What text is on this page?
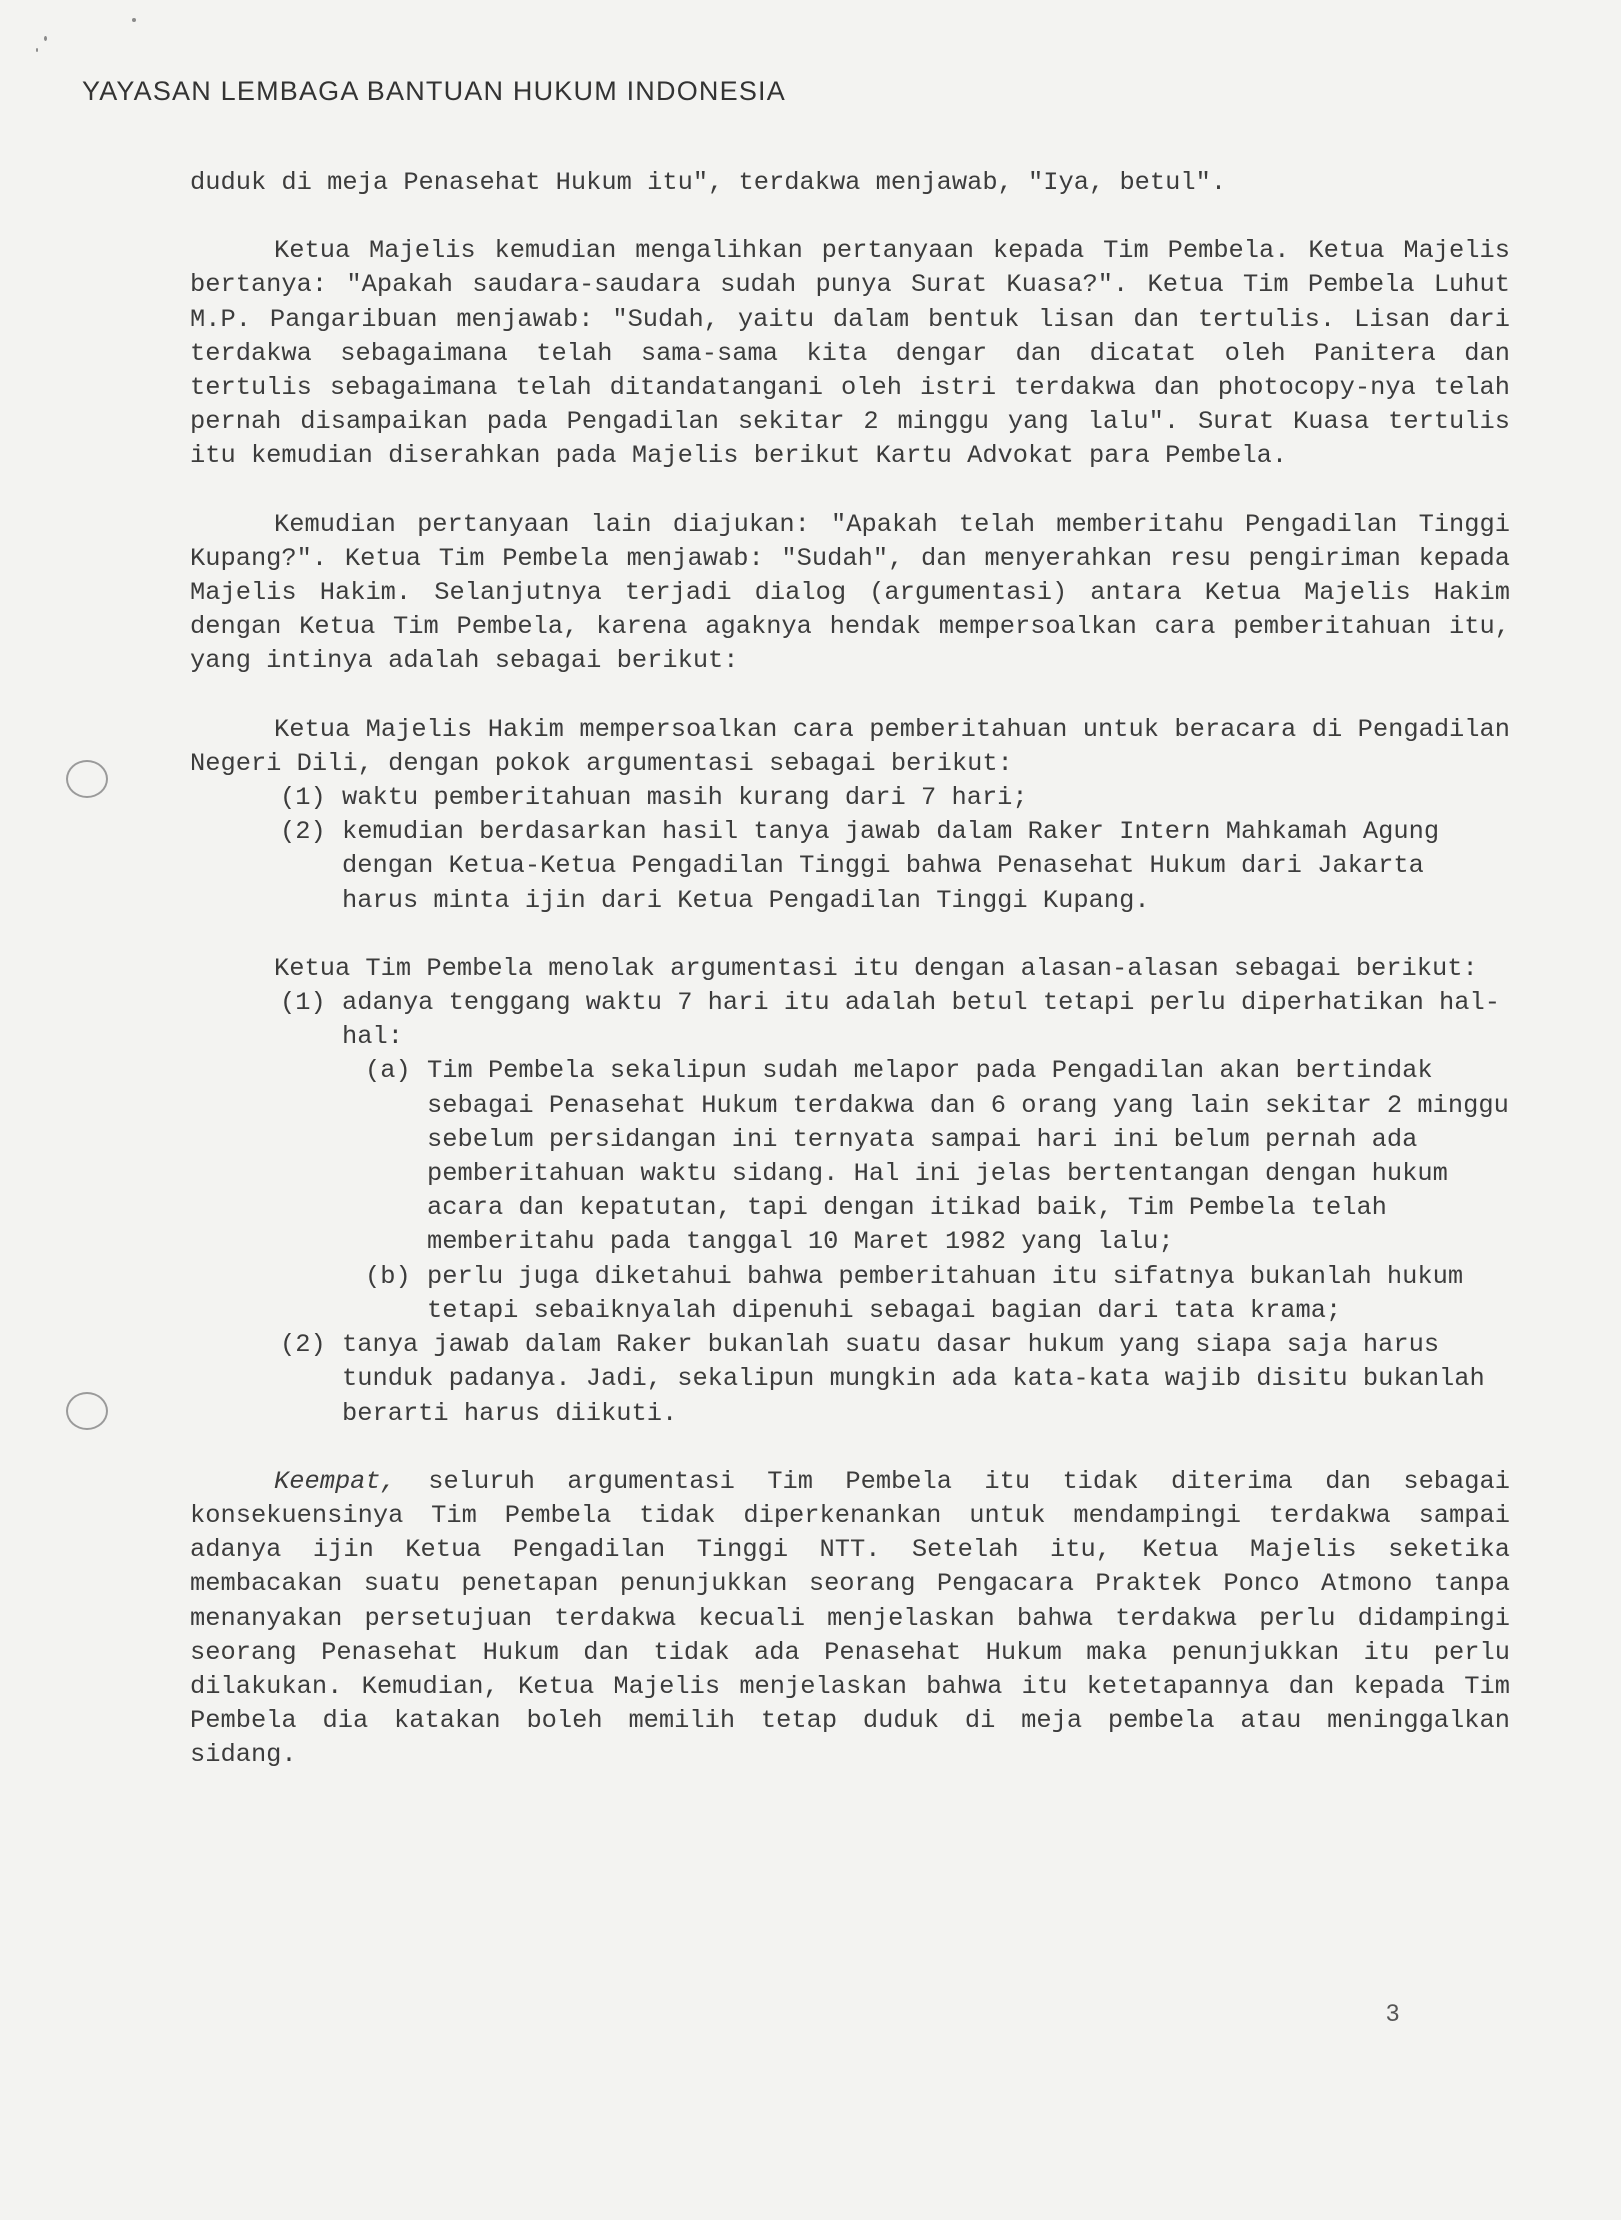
YAYASAN LEMBAGA BANTUAN HUKUM INDONESIA

duduk di meja Penasehat Hukum itu", terdakwa menjawab, "Iya, betul".

Ketua Majelis kemudian mengalihkan pertanyaan kepada Tim Pembela. Ketua Majelis bertanya: "Apakah saudara-saudara sudah punya Surat Kuasa?". Ketua Tim Pembela Luhut M.P. Pangaribuan menjawab: "Sudah, yaitu dalam bentuk lisan dan tertulis. Lisan dari terdakwa sebagaimana telah sama-sama kita dengar dan dicatat oleh Panitera dan tertulis sebagaimana telah ditandatangani oleh istri terdakwa dan photocopy-nya telah pernah disampaikan pada Pengadilan sekitar 2 minggu yang lalu". Surat Kuasa tertulis itu kemudian diserahkan pada Majelis berikut Kartu Advokat para Pembela.

Kemudian pertanyaan lain diajukan: "Apakah telah memberitahu Pengadilan Tinggi Kupang?". Ketua Tim Pembela menjawab: "Sudah", dan menyerahkan resu pengiriman kepada Majelis Hakim. Selanjutnya terjadi dialog (argumentasi) antara Ketua Majelis Hakim dengan Ketua Tim Pembela, karena agaknya hendak mempersoalkan cara pemberitahuan itu, yang intinya adalah sebagai berikut:

Ketua Majelis Hakim mempersoalkan cara pemberitahuan untuk beracara di Pengadilan Negeri Dili, dengan pokok argumentasi sebagai berikut:

(1) waktu pemberitahuan masih kurang dari 7 hari;

(2) kemudian berdasarkan hasil tanya jawab dalam Raker Intern Mahkamah Agung dengan Ketua-Ketua Pengadilan Tinggi bahwa Penasehat Hukum dari Jakarta harus minta ijin dari Ketua Pengadilan Tinggi Kupang.

Ketua Tim Pembela menolak argumentasi itu dengan alasan-alasan sebagai berikut:

(1) adanya tenggang waktu 7 hari itu adalah betul tetapi perlu diperhatikan hal-hal:

(a) Tim Pembela sekalipun sudah melapor pada Pengadilan akan bertindak sebagai Penasehat Hukum terdakwa dan 6 orang yang lain sekitar 2 minggu sebelum persidangan ini ternyata sampai hari ini belum pernah ada pemberitahuan waktu sidang. Hal ini jelas bertentangan dengan hukum acara dan kepatutan, tapi dengan itikad baik, Tim Pembela telah memberitahu pada tanggal 10 Maret 1982 yang lalu;

(b) perlu juga diketahui bahwa pemberitahuan itu sifatnya bukanlah hukum tetapi sebaiknyalah dipenuhi sebagai bagian dari tata krama;

(2) tanya jawab dalam Raker bukanlah suatu dasar hukum yang siapa saja harus tunduk padanya. Jadi, sekalipun mungkin ada kata-kata wajib disitu bukanlah berarti harus diikuti.

Keempat, seluruh argumentasi Tim Pembela itu tidak diterima dan sebagai konsekuensinya Tim Pembela tidak diperkenankan untuk mendampingi terdakwa sampai adanya ijin Ketua Pengadilan Tinggi NTT. Setelah itu, Ketua Majelis seketika membacakan suatu penetapan penunjukkan seorang Pengacara Praktek Ponco Atmono tanpa menanyakan persetujuan terdakwa kecuali menjelaskan bahwa terdakwa perlu didampingi seorang Penasehat Hukum dan tidak ada Penasehat Hukum maka penunjukkan itu perlu dilakukan. Kemudian, Ketua Majelis menjelaskan bahwa itu ketetapannya dan kepada Tim Pembela dia katakan boleh memilih tetap duduk di meja pembela atau meninggalkan sidang.

3
